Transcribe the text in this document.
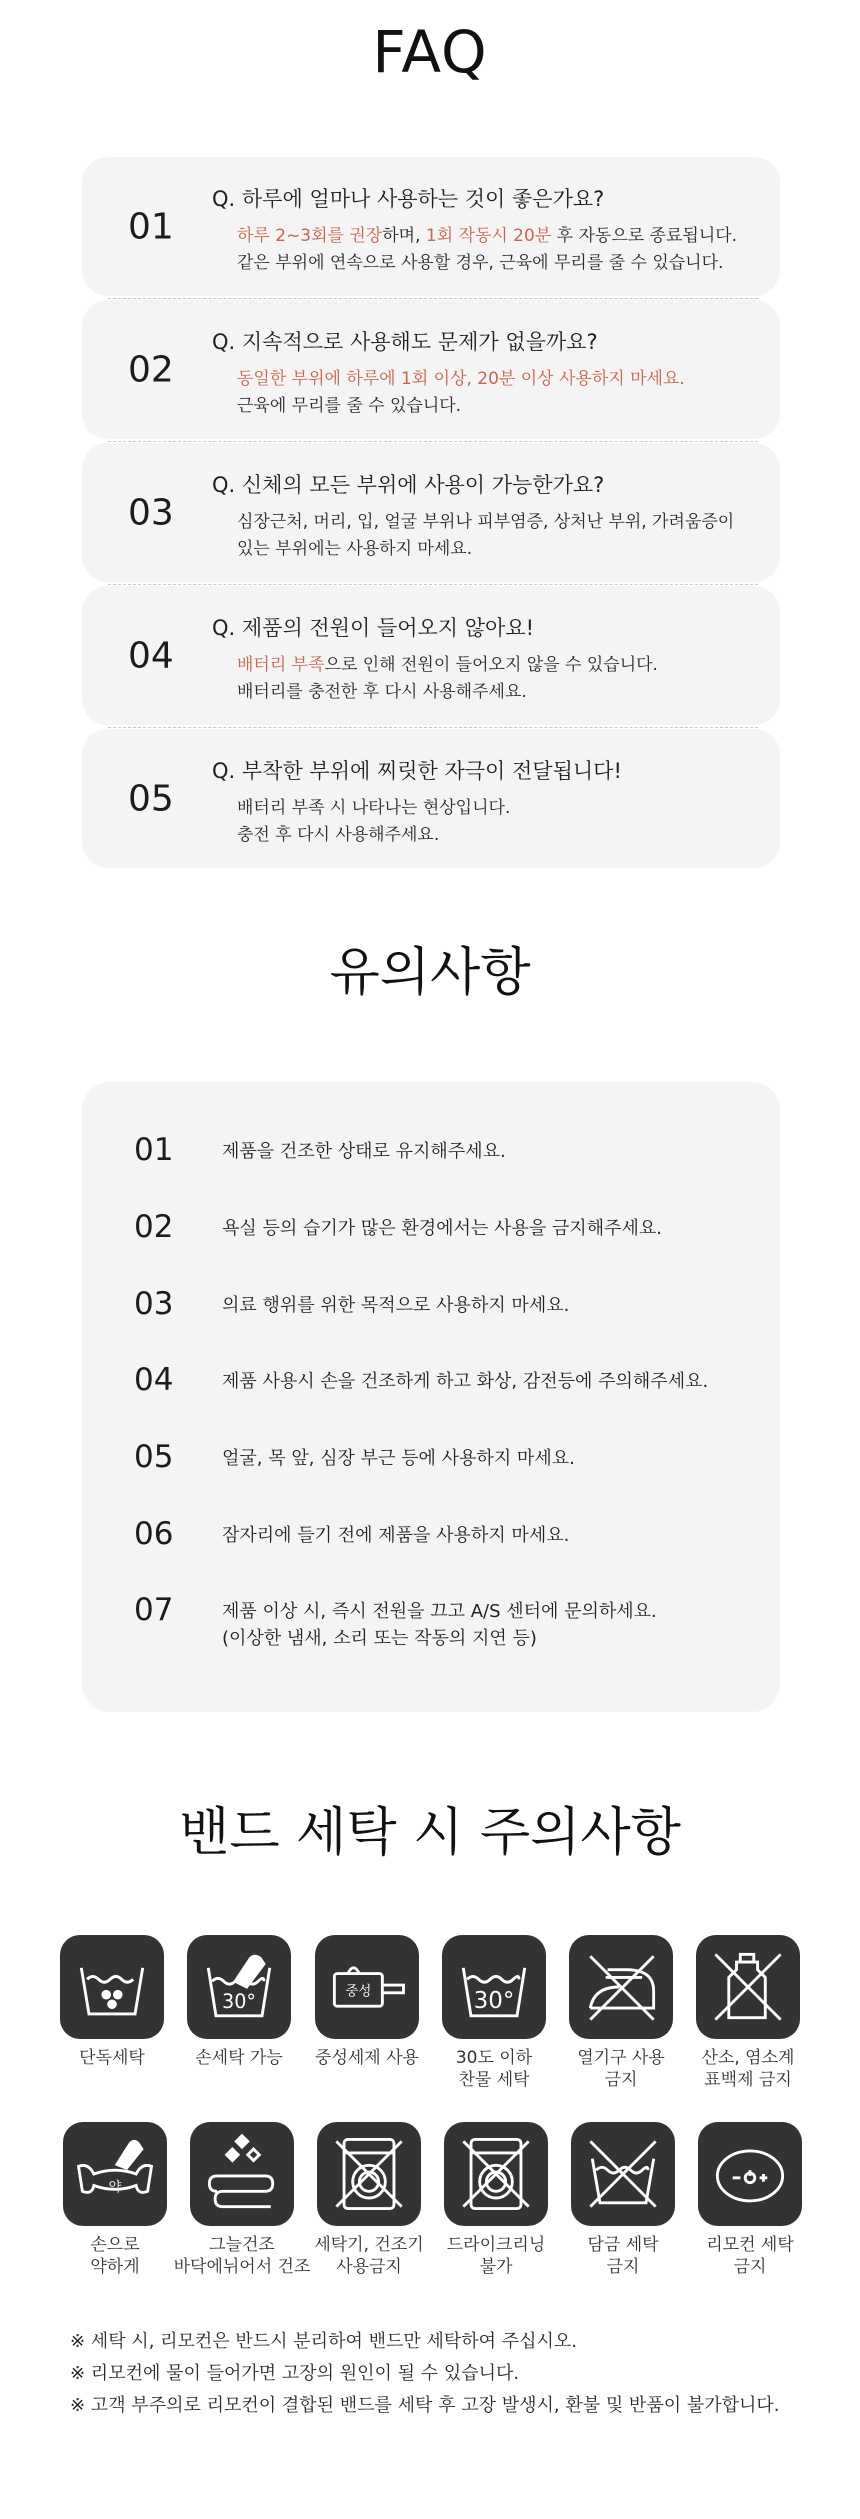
FAQ
01
Q. 하루에 얼마나 사용하는 것이 좋은가요?
하루 2~3회를 권장하며, 1회 작동시 20분 후 자동으로 종료됩니다.
같은 부위에 연속으로 사용할 경우, 근육에 무리를 줄 수 있습니다.
02
Q. 지속적으로 사용해도 문제가 없을까요?
동일한 부위에 하루에 1회 이상, 20분 이상 사용하지 마세요.
근육에 무리를 줄 수 있습니다.
03
Q. 신체의 모든 부위에 사용이 가능한가요?
심장근처, 머리, 입, 얼굴 부위나 피부염증, 상처난 부위, 가려움증이
있는 부위에는 사용하지 마세요.
04
Q. 제품의 전원이 들어오지 않아요!
배터리 부족으로 인해 전원이 들어오지 않을 수 있습니다.
배터리를 충전한 후 다시 사용해주세요.
05
Q. 부착한 부위에 찌릿한 자극이 전달됩니다!
배터리 부족 시 나타나는 현상입니다.
충전 후 다시 사용해주세요.
유의사항
01	제품을 건조한 상태로 유지해주세요.
02	욕실 등의 습기가 많은 환경에서는 사용을 금지해주세요.
03	의료 행위를 위한 목적으로 사용하지 마세요.
04	제품 사용시 손을 건조하게 하고 화상, 감전등에 주의해주세요.
05	얼굴, 목 앞, 심장 부근 등에 사용하지 마세요.
06	잠자리에 들기 전에 제품을 사용하지 마세요.
07	제품 이상 시, 즉시 전원을 끄고 A/S 센터에 문의하세요.
(이상한 냄새, 소리 또는 작동의 지연 등)
밴드 세탁 시 주의사항
단독세탁
30°
손세탁 가능
중성
중성세제 사용
30°
30도 이하
찬물 세탁
열기구 사용
금지
산소, 염소계
표백제 금지
약
손으로
약하게
그늘건조
바닥에뉘어서 건조
세탁기, 건조기
사용금지
드라이크리닝
불가
담금 세탁
금지
리모컨 세탁
금지
※ 세탁 시, 리모컨은 반드시 분리하여 밴드만 세탁하여 주십시오.
※ 리모컨에 물이 들어가면 고장의 원인이 될 수 있습니다.
※ 고객 부주의로 리모컨이 결합된 밴드를 세탁 후 고장 발생시, 환불 및 반품이 불가합니다.
